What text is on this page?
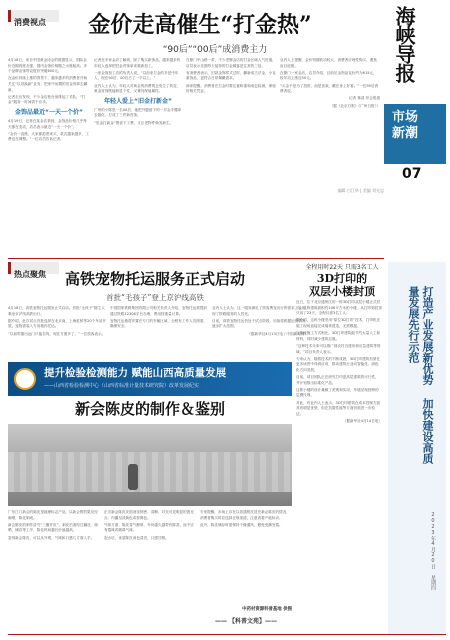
消费视点	海峡导报
市场新潮
07
金价走高催生“打金热”
“90后”“00后”成消费主力

4月18日，来自中国黄金协会的数据显示，国际金价近期再度走强，国内金饰价格随之水涨船高。多个品牌金饰每克报价突破600元。

在金价持续上涨的背景下，越来越多的消费者开始关注“以旧换新”业务，把家中闲置的旧金饰拿去翻新。

记者走访发现，不少金店柜台前排起了长队，“打金”服务一时间供不应求。

金饰品最近“一天一个价”

4月19日，记者在某金店看到，金饰品价格几乎每天都在变动，店员表示最近“一天一个价”。

“金价一直涨，大家都抢着来买，款式越来越多，工费也在调整。”一位店员告诉记者。

记者在多家金店了解到，除了购买新饰品，越来越多的年轻人选择把旧金首饰拿来重新加工。

一家金饰加工店的负责人说，“以前来打金的多是中年人，现在90后、00后占了一半以上。”

业内人士认为，年轻人对黄金的消费观念发生了转变，黄金首饰既能彰显个性，又兼具保值属性。

年轻人爱上“旧金打新金”

广州的小陈是一名00后，她把外婆留下的一对金手镯拿去熔化，打成了三件新首饰。

“旧金打新金”既省下工费，又让老物件焕发新生。

在厦门中山路一带，不少老牌金店的打金区域人气旺盛，店员表示近期每天接待的打金顾客是往常的三倍。

有消费者表示，旧款金饰样式过时，翻新成古法金、小克重饰品，更符合日常佩戴需求。

商家提醒，消费者在打金时要注意称重和成色检测，保留好相关凭证。

业内人士提醒，金价短期波动较大，消费者应理性购买，避免盲目追涨。

在厦门一家金店，店员介绍，目前足金饰品克价约为615元，较年初上涨近50元。

“买金不是为了投资，而是喜欢，戴在身上好看。”一位95后消费者说。

记者 林清 综合报道

（据《北京日报》《广州日报》）

编辑 白江华 | 美编 刘光忠
热点聚焦	高铁宠物托运服务正式启动
首批“毛孩子”登上京沪线高铁

4月18日，高铁宠物托运服务正式启动。首批“毛孩子”随主人乘坐京沪线高铁出行。

据介绍，此次试点首批选择在北京南、上海虹桥等20个车站开展，宠物需装入专用箱内托运。

“以前带猫出远门只能自驾，现在方便多了。”一位旅客表示。

中国国家铁路集团有限公司相关负责人介绍，宠物托运需提前通过铁路12306平台办理，费用按重量计算。

宠物托运箱将安置在专门的车厢区域，全程有工作人员照看，确保安全。

业内人士认为，这一服务满足了旅客携宠出行的需求，也体现了铁路服务的人性化。

目前，高铁宠物托运仍处于试点阶段，后续将根据运营情况逐步扩大范围。

（据新华社4月13日电 / 中国新闻网）

全程用时22天 只需3名工人
3D打印的
双层小楼封顶

近日，位于北京通州区的一栋3D打印双层小楼正式封顶。这栋建筑面积约106平方米的小楼，从打印到封顶只用了22天，全程仅需3名工人。

据介绍，这栋小楼采用“原位3D打印”技术，打印机在施工现场直接完成墙体建造，无需模板。

与传统施工方式相比，3D打印建筑能节约大量人工和材料，同时减少建筑垃圾。

“这种技术未来可以推广到农村自建房和应急建筑等领域。”项目负责人表示。

专家认为，随着技术的不断成熟，3D打印建筑有望在更多场景中得到应用，推动建筑行业向智能化、绿色化方向发展。

目前，项目团队正在研究打印更高层建筑的可行性，并计划推出标准化产品。

这栋小楼的设计兼顾了美观和实用，外墙呈现独特的层叠纹理。

对此，有业内人士表示，3D打印建筑在成本控制方面具有明显优势，但在抗震性能等方面仍需进一步验证。

（据新华社4月14日电）	打造产业发展新优势 加快建设高质量发展先行示范
2023年4月20日 星期四
提升检验检测能力 赋能山西高质量发展
——山西省检验检测中心（山西省标准计量技术研究院）改革发展纪实
新会陈皮的制作＆鉴别

广东江门新会的陈皮是地理标志产品，以新会柑的果皮经晾晒、陈化制成。

新会陈皮的制作讲究“三瓣开皮”，剥皮后需经过翻皮、晾晒、储存等工序，陈化时间越长价值越高。

鉴别新会陈皮，可以从外观、气味和口感几方面入手。

正宗新会陈皮皮面油室细密、清晰，对光可见明显的透光点；内囊呈淡黄色或棕褐色。

气味方面，陈皮香气醇厚，年份越久越带有陈香，而不应有霉味或刺鼻气味。

泡水后，优质陈皮汤色清亮，口感甘醇。

专家提醒，市场上存在以普通柑皮冒充新会陈皮的情况，消费者购买时应选择正规渠道，注意查看产地标识。

此外，陈皮储存时需保持干燥通风，避免受潮发霉。

中药材资源科普基地 供图
—— 【科普文苑】——
